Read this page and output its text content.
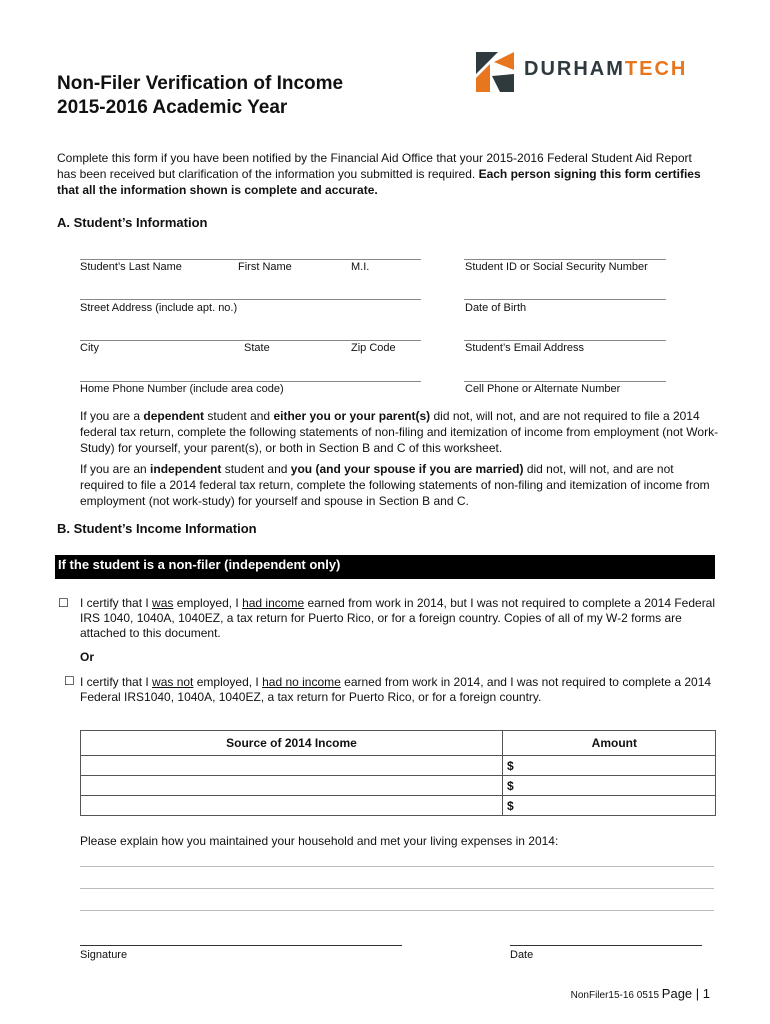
Non-Filer Verification of Income
2015-2016 Academic Year
DURHAMTECH
Complete this form if you have been notified by the Financial Aid Office that your 2015-2016 Federal Student Aid Report has been received but clarification of the information you submitted is required. Each person signing this form certifies that all the information shown is complete and accurate.
A. Student’s Information
Student’s Last Name	First Name	M.I.	Student ID or Social Security Number
Street Address (include apt. no.)	Date of Birth
City	State	Zip Code	Student’s Email Address
Home Phone Number (include area code)	Cell Phone or Alternate Number
If you are a dependent student and either you or your parent(s) did not, will not, and are not required to file a 2014 federal tax return, complete the following statements of non-filing and itemization of income from employment (not Work-Study) for yourself, your parent(s), or both in Section B and C of this worksheet.
If you are an independent student and you (and your spouse if you are married) did not, will not, and are not required to file a 2014 federal tax return, complete the following statements of non-filing and itemization of income from employment (not work-study) for yourself and spouse in Section B and C.
B. Student’s Income Information
If the student is a non-filer (independent only)
☐ I certify that I was employed, I had income earned from work in 2014, but I was not required to complete a 2014 Federal IRS 1040, 1040A, 1040EZ, a tax return for Puerto Rico, or for a foreign country. Copies of all of my W-2 forms are attached to this document.
Or
☐ I certify that I was not employed, I had no income earned from work in 2014, and I was not required to complete a 2014 Federal IRS1040, 1040A, 1040EZ, a tax return for Puerto Rico, or for a foreign country.
Source of 2014 Income	Amount
	$
	$
	$
Please explain how you maintained your household and met your living expenses in 2014:
Signature	Date
NonFiler15-16 0515 Page | 1
